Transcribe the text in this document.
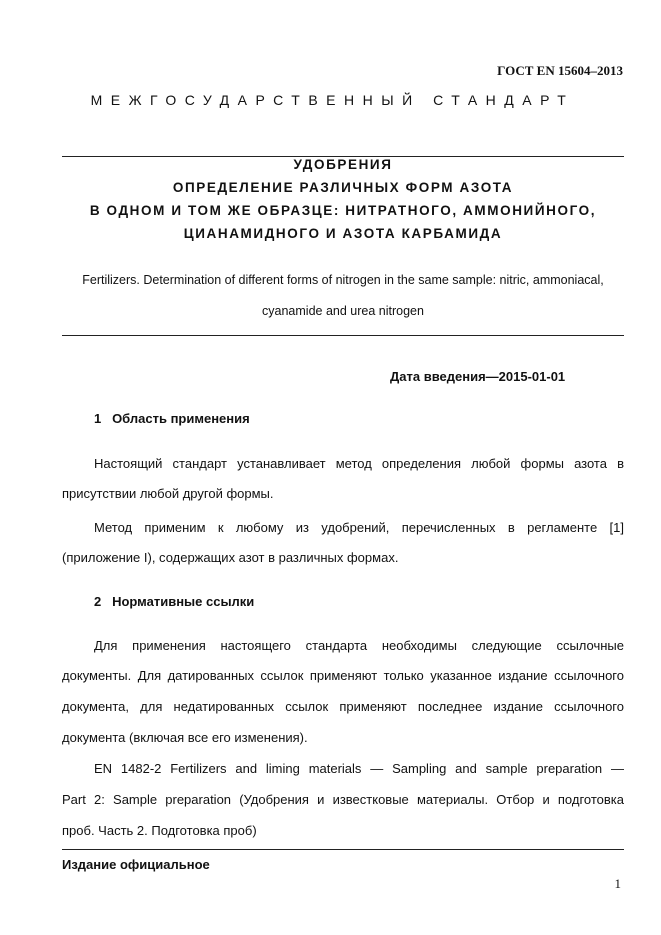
ГОСТ EN 15604–2013
МЕЖГОСУДАРСТВЕННЫЙ СТАНДАРТ
УДОБРЕНИЯ
ОПРЕДЕЛЕНИЕ РАЗЛИЧНЫХ ФОРМ АЗОТА
В ОДНОМ И ТОМ ЖЕ ОБРАЗЦЕ: НИТРАТНОГО, АММОНИЙНОГО,
ЦИАНАМИДНОГО И АЗОТА КАРБАМИДА
Fertilizers. Determination of different forms of nitrogen in the same sample: nitric, ammoniacal,
cyanamide and urea nitrogen
Дата введения—2015-01-01
1   Область применения
Настоящий стандарт устанавливает метод определения любой формы азота в
присутствии любой другой формы.
Метод применим к любому из удобрений, перечисленных в регламенте [1]
(приложение I), содержащих азот в различных формах.
2   Нормативные ссылки
Для применения настоящего стандарта необходимы следующие ссылочные
документы. Для датированных ссылок применяют только указанное издание ссылочного
документа, для недатированных ссылок применяют последнее издание ссылочного
документа (включая все его изменения).
EN 1482-2 Fertilizers and liming materials — Sampling and sample preparation —
Part 2: Sample preparation (Удобрения и известковые материалы. Отбор и подготовка
проб. Часть 2. Подготовка проб)
Издание официальное
1
